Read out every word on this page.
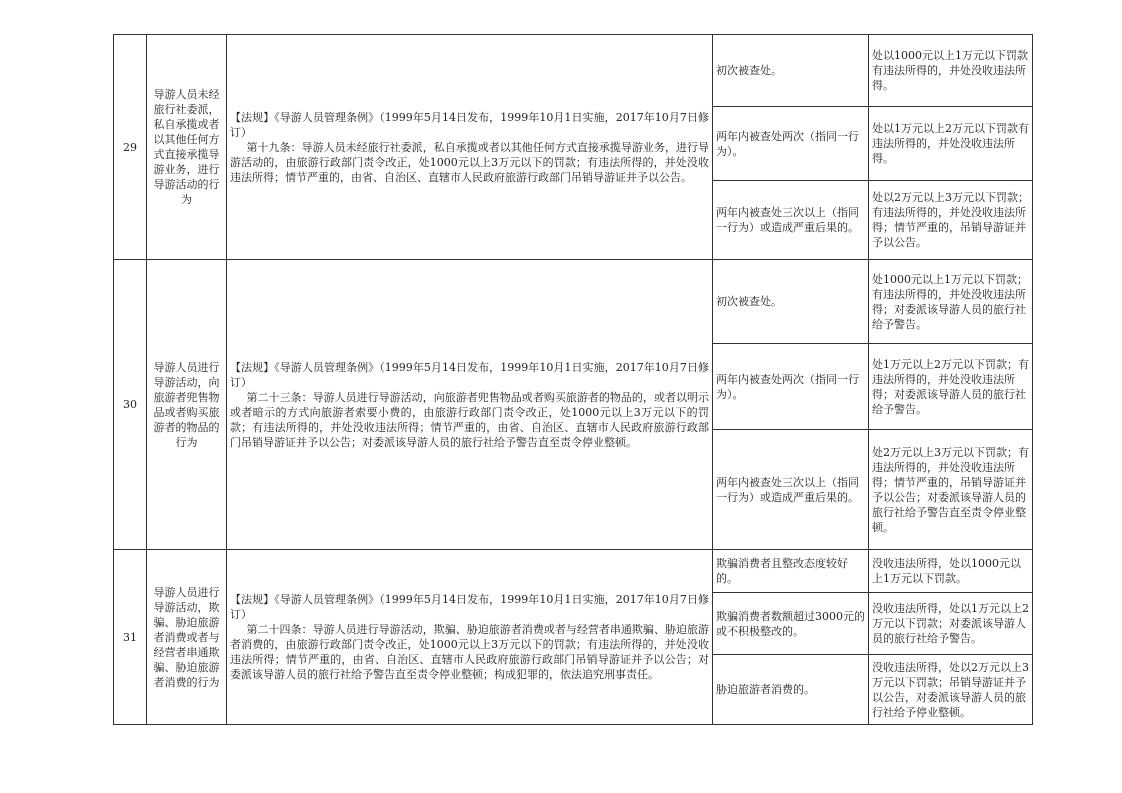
29	导游人员未经旅行社委派，私自承揽或者以其他任何方式直接承揽导游业务，进行导游活动的行为	【法规】《导游人员管理条例》（1999年5月14日发布，1999年10月1日实施，2017年10月7日修订）

第十九条：导游人员未经旅行社委派，私自承揽或者以其他任何方式直接承揽导游业务，进行导游活动的，由旅游行政部门责令改正，处1000元以上3万元以下的罚款；有违法所得的，并处没收违法所得；情节严重的，由省、自治区、直辖市人民政府旅游行政部门吊销导游证并予以公告。	初次被查处。	处以1000元以上1万元以下罚款有违法所得的，并处没收违法所得。
			两年内被查处两次（指同一行为）。	处以1万元以上2万元以下罚款有违法所得的，并处没收违法所得。
			两年内被查处三次以上（指同一行为）或造成严重后果的。	处以2万元以上3万元以下罚款；有违法所得的，并处没收违法所得；情节严重的，吊销导游证并予以公告。
30	导游人员进行导游活动，向旅游者兜售物品或者购买旅游者的物品的行为	【法规】《导游人员管理条例》（1999年5月14日发布，1999年10月1日实施，2017年10月7日修订）

第二十三条：导游人员进行导游活动，向旅游者兜售物品或者购买旅游者的物品的，或者以明示或者暗示的方式向旅游者索要小费的，由旅游行政部门责令改正，处1000元以上3万元以下的罚款；有违法所得的，并处没收违法所得；情节严重的，由省、自治区、直辖市人民政府旅游行政部门吊销导游证并予以公告；对委派该导游人员的旅行社给予警告直至责令停业整顿。	初次被查处。	处1000元以上1万元以下罚款；有违法所得的，并处没收违法所得；对委派该导游人员的旅行社给予警告。
			两年内被查处两次（指同一行为）。	处1万元以上2万元以下罚款；有违法所得的，并处没收违法所得；对委派该导游人员的旅行社给予警告。
			两年内被查处三次以上（指同一行为）或造成严重后果的。	处2万元以上3万元以下罚款；有违法所得的，并处没收违法所得；情节严重的，吊销导游证并予以公告；对委派该导游人员的旅行社给予警告直至责令停业整顿。
31	导游人员进行导游活动，欺骗、胁迫旅游者消费或者与经营者串通欺骗、胁迫旅游者消费的行为	【法规】《导游人员管理条例》（1999年5月14日发布，1999年10月1日实施，2017年10月7日修订）

第二十四条：导游人员进行导游活动，欺骗、胁迫旅游者消费或者与经营者串通欺骗、胁迫旅游者消费的，由旅游行政部门责令改正，处1000元以上3万元以下的罚款；有违法所得的，并处没收违法所得；情节严重的，由省、自治区、直辖市人民政府旅游行政部门吊销导游证并予以公告；对委派该导游人员的旅行社给予警告直至责令停业整顿；构成犯罪的，依法追究刑事责任。	欺骗消费者且整改态度较好的。	没收违法所得，处以1000元以上1万元以下罚款。
			欺骗消费者数额超过3000元的或不积极整改的。	没收违法所得，处以1万元以上2万元以下罚款；对委派该导游人员的旅行社给予警告。
			胁迫旅游者消费的。	没收违法所得，处以2万元以上3万元以下罚款；吊销导游证并予以公告，对委派该导游人员的旅行社给予停业整顿。
